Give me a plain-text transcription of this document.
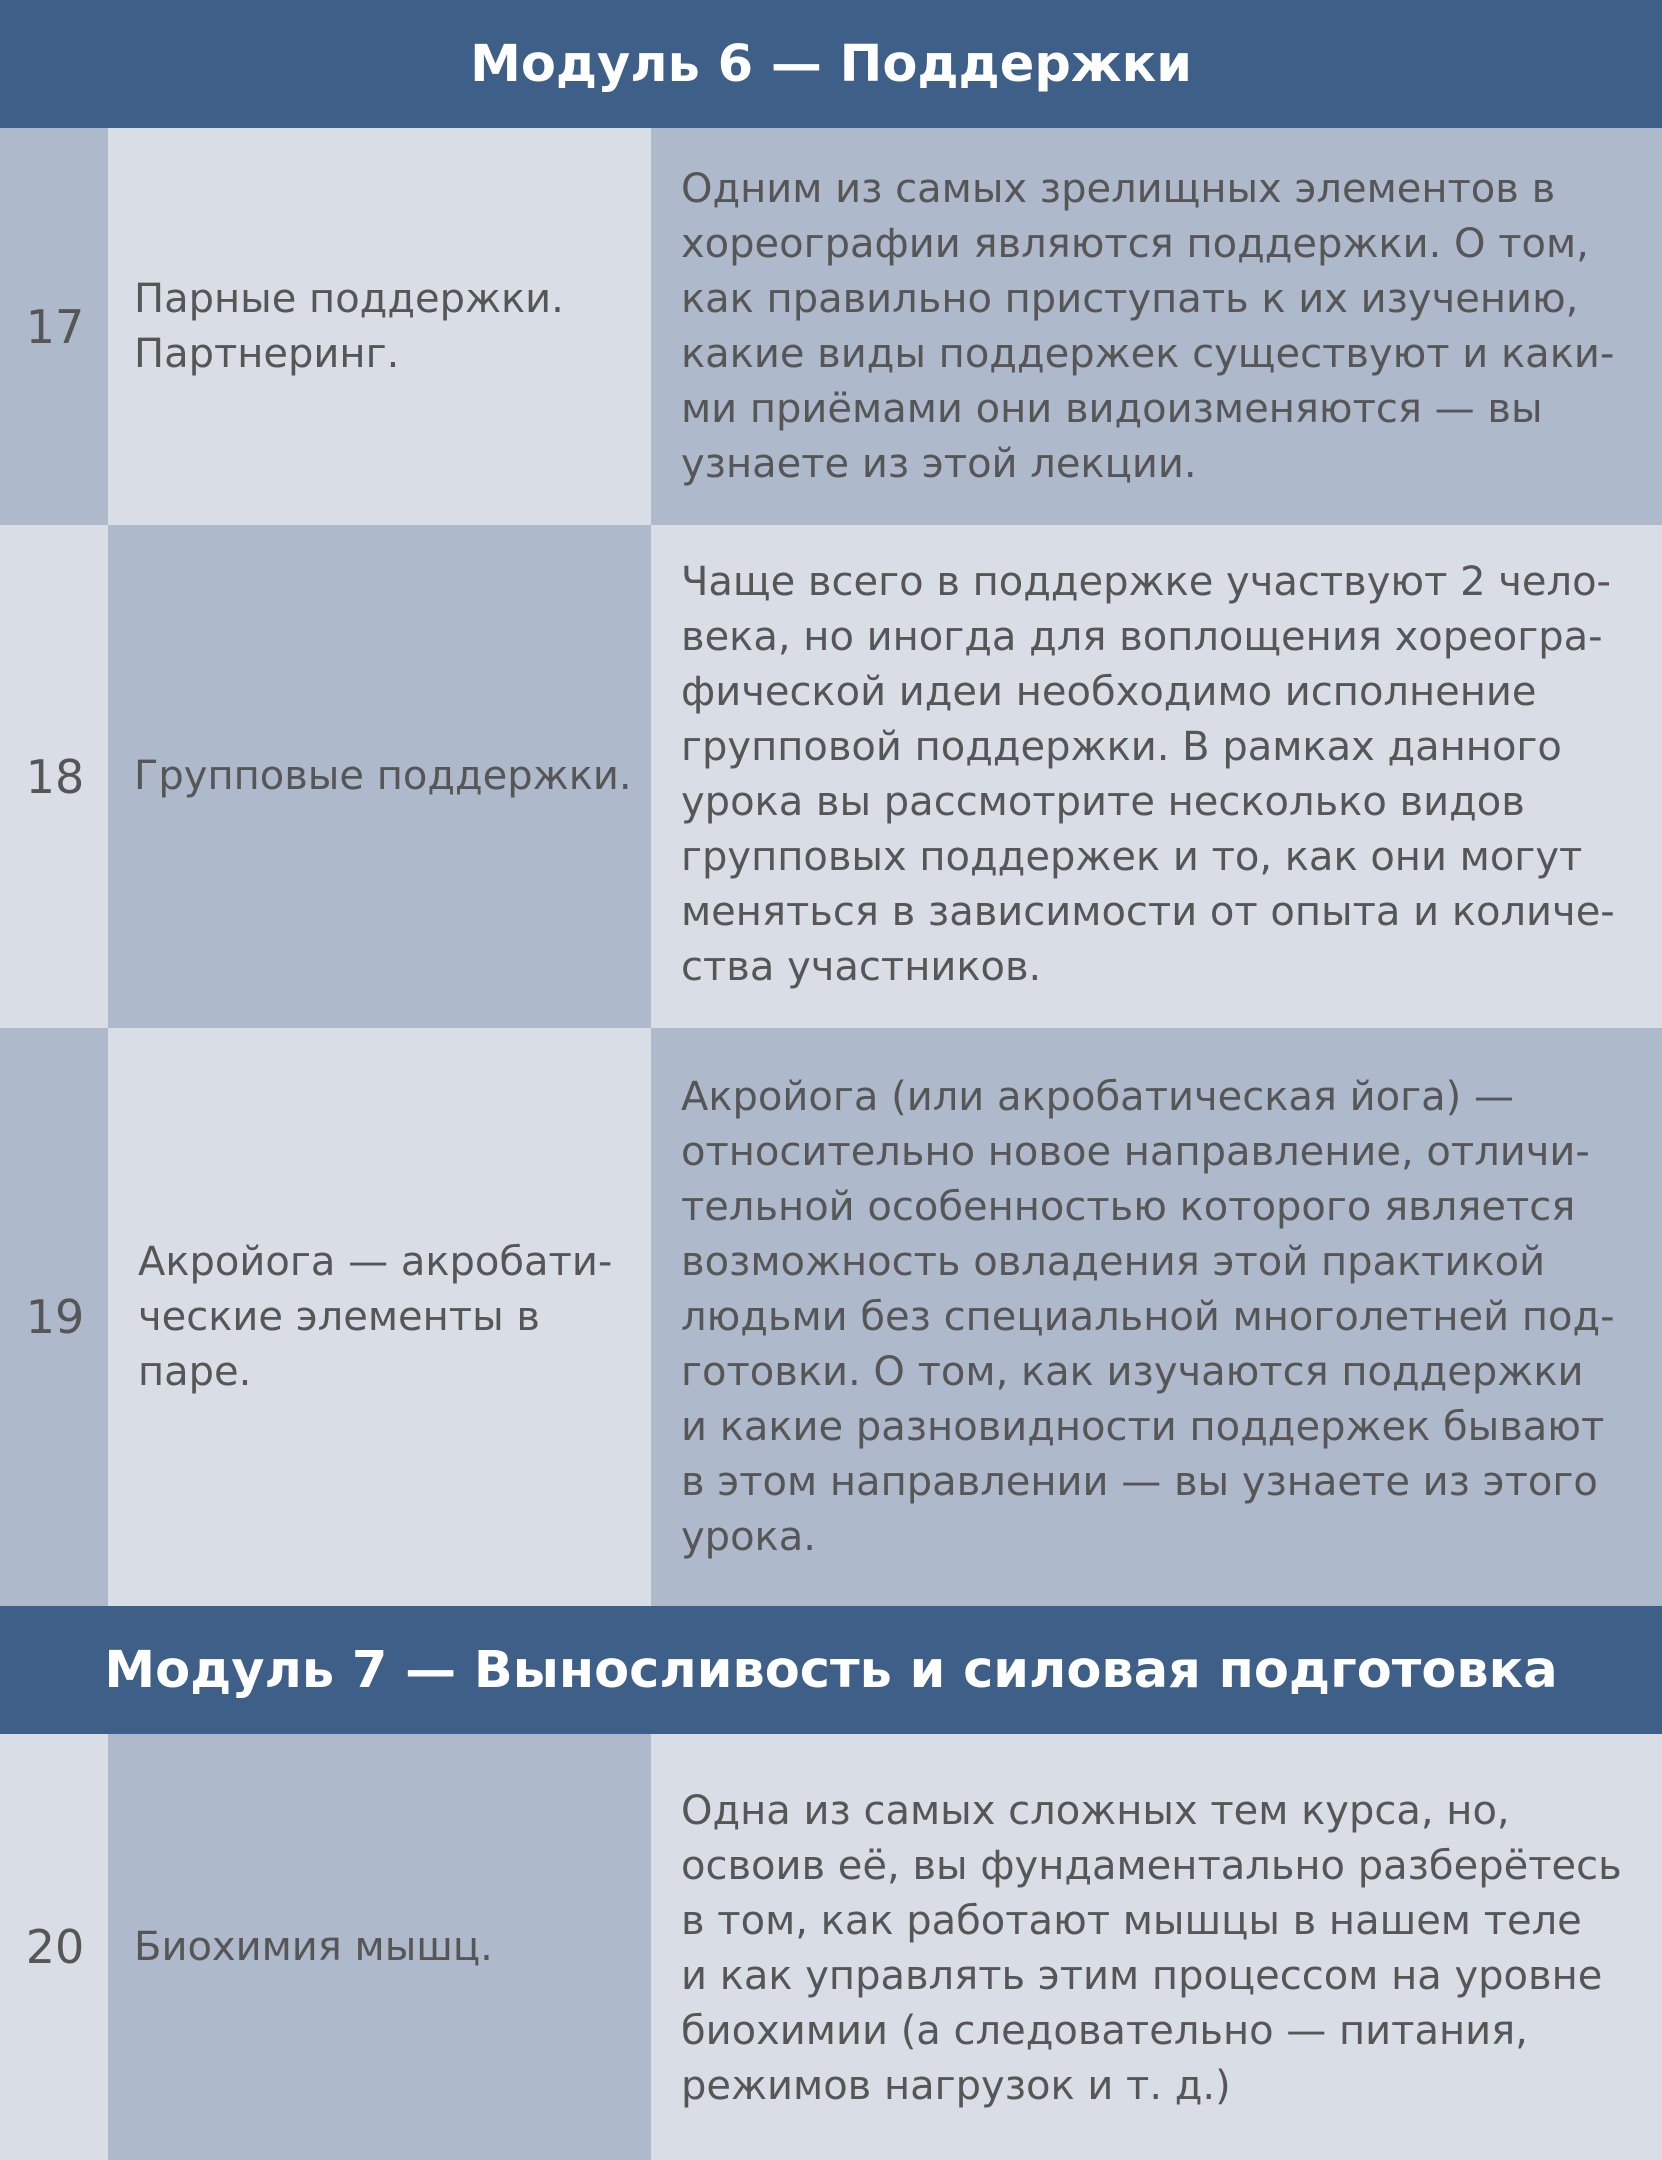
Модуль 6 — Поддержки
17
Парные поддержки.
Партнеринг.
Одним из самых зрелищных элементов в
хореографии являются поддержки. О том,
как правильно приступать к их изучению,
какие виды поддержек существуют и каки-
ми приёмами они видоизменяются — вы
узнаете из этой лекции.
18 Групповые поддержки.
Чаще всего в поддержке участвуют 2 чело-
века, но иногда для воплощения хореогра-
фической идеи необходимо исполнение
групповой поддержки. В рамках данного
урока вы рассмотрите несколько видов
групповых поддержек и то, как они могут
меняться в зависимости от опыта и количе-
ства участников.
19
Акройога — акробати-
ческие элементы в
паре.
Акройога (или акробатическая йога) —
относительно новое направление, отличи-
тельной особенностью которого является
возможность овладения этой практикой
людьми без специальной многолетней под-
готовки. О том, как изучаются поддержки
и какие разновидности поддержек бывают
в этом направлении — вы узнаете из этого
урока.
Модуль 7 — Выносливость и силовая подготовка
20 Биохимия мышц.
Одна из самых сложных тем курса, но,
освоив её, вы фундаментально разберётесь
в том, как работают мышцы в нашем теле
и как управлять этим процессом на уровне
биохимии (а следовательно — питания,
режимов нагрузок и т. д.)
